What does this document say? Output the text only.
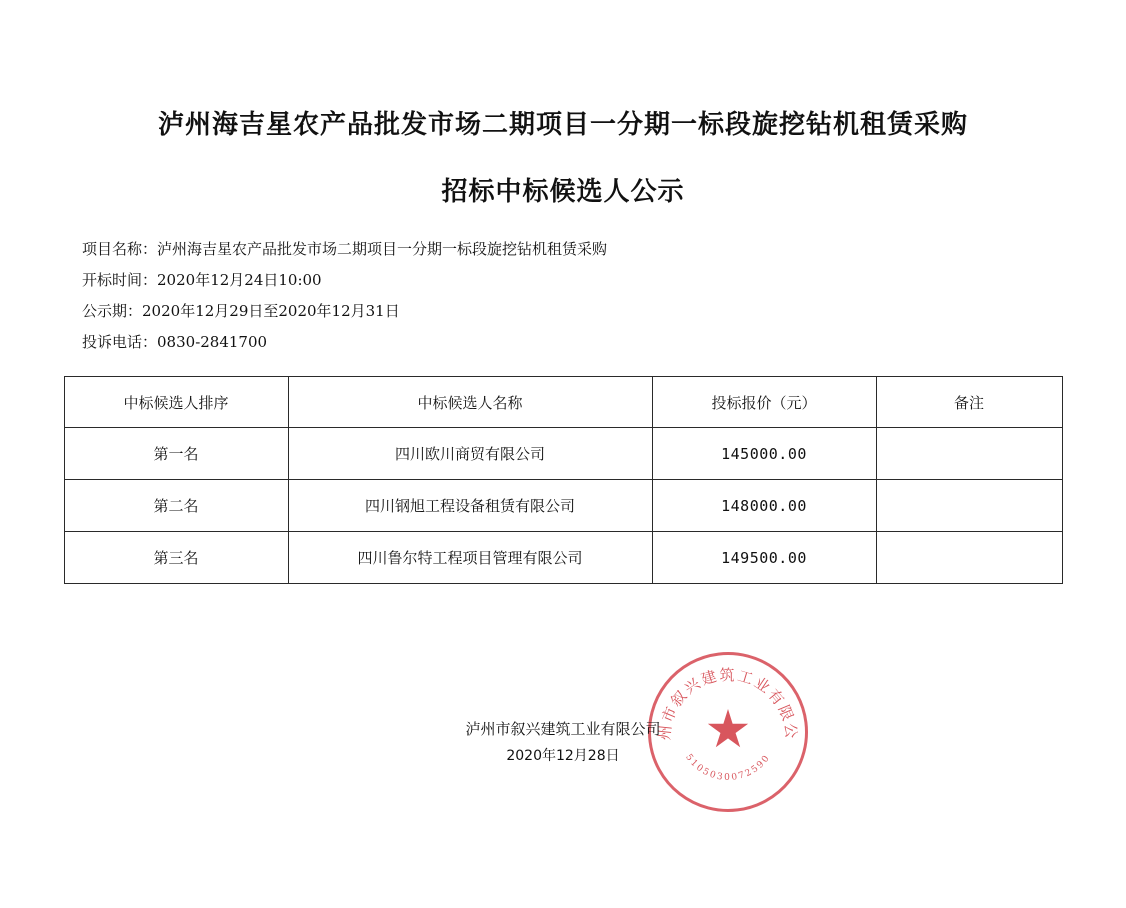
泸州海吉星农产品批发市场二期项目一分期一标段旋挖钻机租赁采购
招标中标候选人公示
项目名称：泸州海吉星农产品批发市场二期项目一分期一标段旋挖钻机租赁采购
开标时间：2020年12月24日10:00
公示期：2020年12月29日至2020年12月31日
投诉电话：0830-2841700
中标候选人排序	中标候选人名称	投标报价（元）	备注
第一名	四川欧川商贸有限公司	145000.00	
第二名	四川钢旭工程设备租赁有限公司	148000.00	
第三名	四川鲁尔特工程项目管理有限公司	149500.00	
泸州市叙兴建筑工业有限公司
5105030072590
泸州市叙兴建筑工业有限公司
2020年12月28日
